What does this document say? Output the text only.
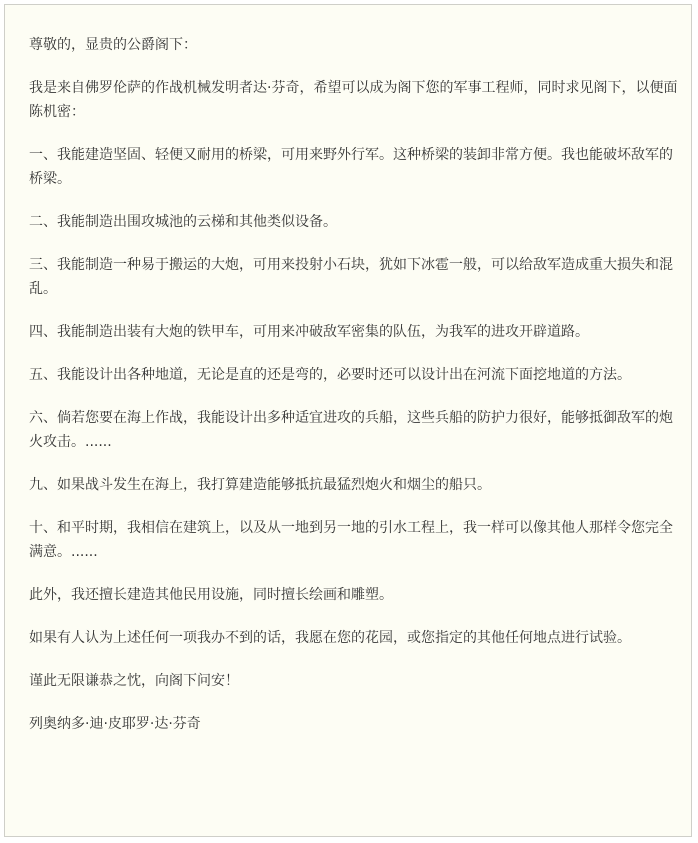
尊敬的，显贵的公爵阁下：

我是来自佛罗伦萨的作战机械发明者达·芬奇，希望可以成为阁下您的军事工程师，同时求见阁下，以便面陈机密：

一、我能建造坚固、轻便又耐用的桥梁，可用来野外行军。这种桥梁的装卸非常方便。我也能破坏敌军的桥梁。

二、我能制造出围攻城池的云梯和其他类似设备。

三、我能制造一种易于搬运的大炮，可用来投射小石块，犹如下冰雹一般，可以给敌军造成重大损失和混乱。

四、我能制造出装有大炮的铁甲车，可用来冲破敌军密集的队伍，为我军的进攻开辟道路。

五、我能设计出各种地道，无论是直的还是弯的，必要时还可以设计出在河流下面挖地道的方法。

六、倘若您要在海上作战，我能设计出多种适宜进攻的兵船，这些兵船的防护力很好，能够抵御敌军的炮火攻击。......

九、如果战斗发生在海上，我打算建造能够抵抗最猛烈炮火和烟尘的船只。

十、和平时期，我相信在建筑上，以及从一地到另一地的引水工程上，我一样可以像其他人那样令您完全满意。......

此外，我还擅长建造其他民用设施，同时擅长绘画和雕塑。

如果有人认为上述任何一项我办不到的话，我愿在您的花园，或您指定的其他任何地点进行试验。

谨此无限谦恭之忱，向阁下问安！

列奥纳多·迪·皮耶罗·达·芬奇
